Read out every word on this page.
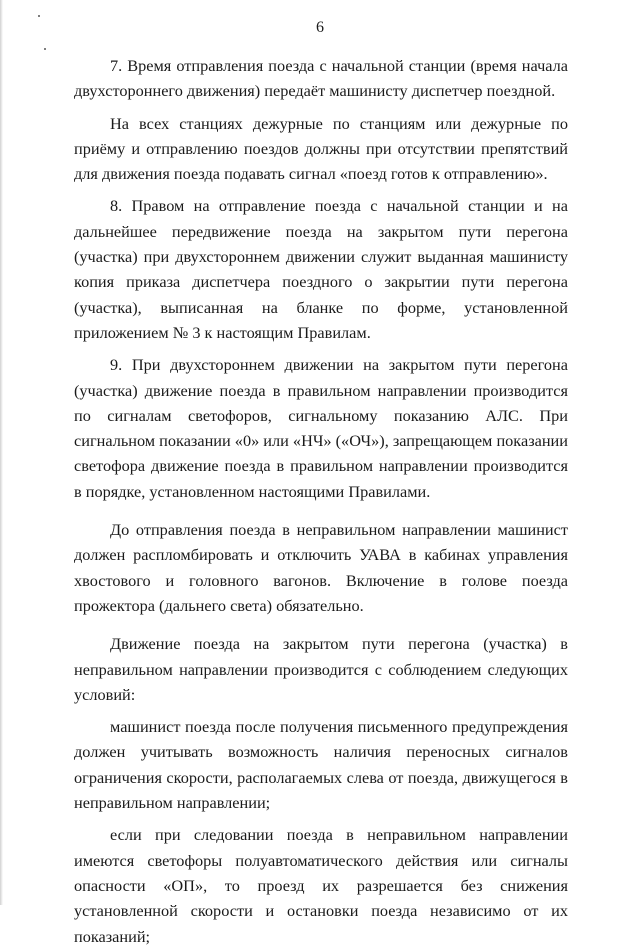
6

7. Время отправления поезда с начальной станции (время начала двухстороннего движения) передаёт машинисту диспетчер поездной.

На всех станциях дежурные по станциям или дежурные по приёму и отправлению поездов должны при отсутствии препятствий для движения поезда подавать сигнал «поезд готов к отправлению».

8. Правом на отправление поезда с начальной станции и на дальнейшее передвижение поезда на закрытом пути перегона (участка) при двухстороннем движении служит выданная машинисту копия приказа диспетчера поездного о закрытии пути перегона (участка), выписанная на бланке по форме, установленной приложением № 3 к настоящим Правилам.

9. При двухстороннем движении на закрытом пути перегона (участка) движение поезда в правильном направлении производится по сигналам светофоров, сигнальному показанию АЛС. При сигнальном показании «0» или «НЧ» («ОЧ»), запрещающем показании светофора движение поезда в правильном направлении производится в порядке, установленном настоящими Правилами.

До отправления поезда в неправильном направлении машинист должен распломбировать и отключить УАВА в кабинах управления хвостового и головного вагонов. Включение в голове поезда прожектора (дальнего света) обязательно.

Движение поезда на закрытом пути перегона (участка) в неправильном направлении производится с соблюдением следующих условий:

машинист поезда после получения письменного предупреждения должен учитывать возможность наличия переносных сигналов ограничения скорости, располагаемых слева от поезда, движущегося в неправильном направлении;

если при следовании поезда в неправильном направлении имеются светофоры полуавтоматического действия или сигналы опасности «ОП», то проезд их разрешается без снижения установленной скорости и остановки поезда независимо от их показаний;
